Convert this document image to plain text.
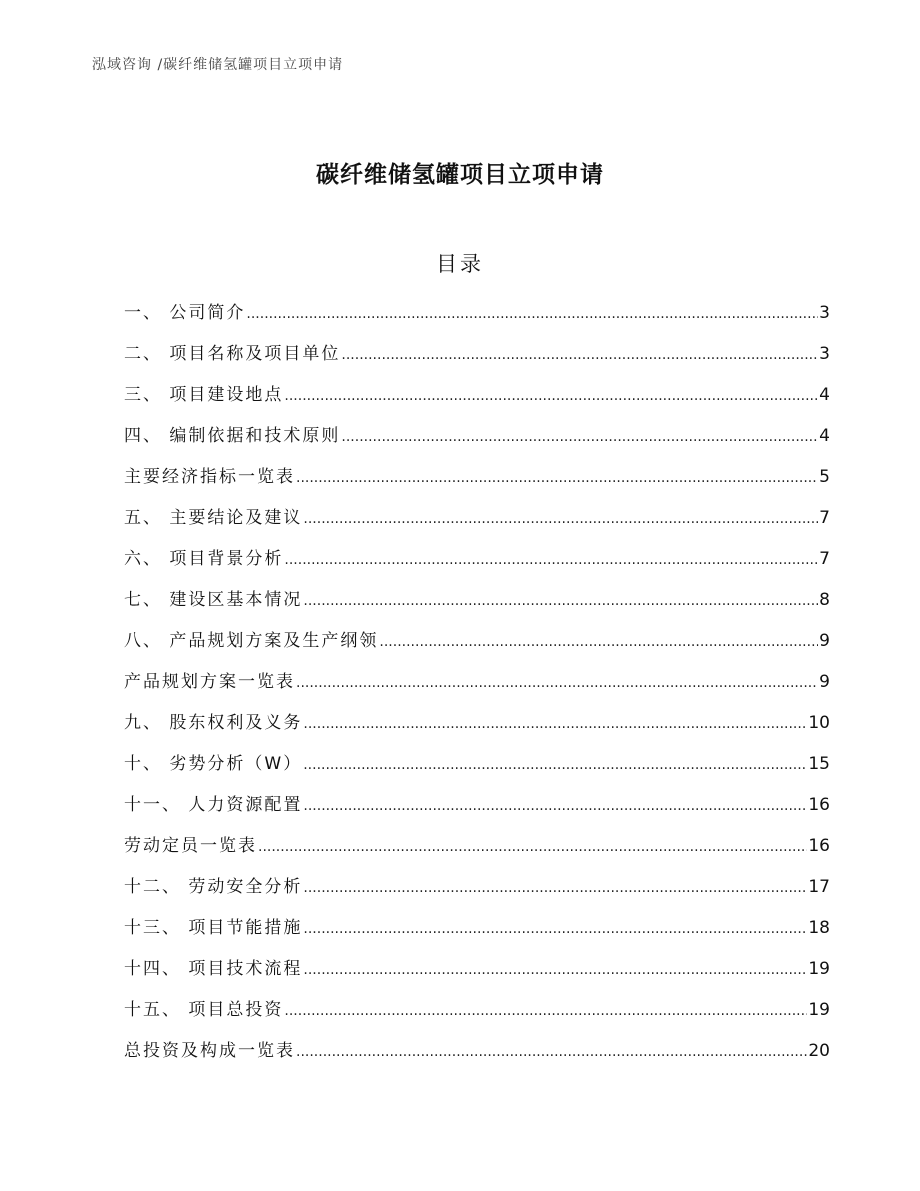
泓域咨询 /碳纤维储氢罐项目立项申请
碳纤维储氢罐项目立项申请
目录
一、 公司简介 .....	3
二、 项目名称及项目单位 .....	3
三、 项目建设地点 .....	4
四、 编制依据和技术原则 .....	4
主要经济指标一览表 .....	5
五、 主要结论及建议 .....	7
六、 项目背景分析 .....	7
七、 建设区基本情况 .....	8
八、 产品规划方案及生产纲领 .....	9
产品规划方案一览表 .....	9
九、 股东权利及义务 .....	10
十、 劣势分析（W） .....	15
十一、 人力资源配置 .....	16
劳动定员一览表 .....	16
十二、 劳动安全分析 .....	17
十三、 项目节能措施 .....	18
十四、 项目技术流程 .....	19
十五、 项目总投资 .....	19
总投资及构成一览表 .....	20
